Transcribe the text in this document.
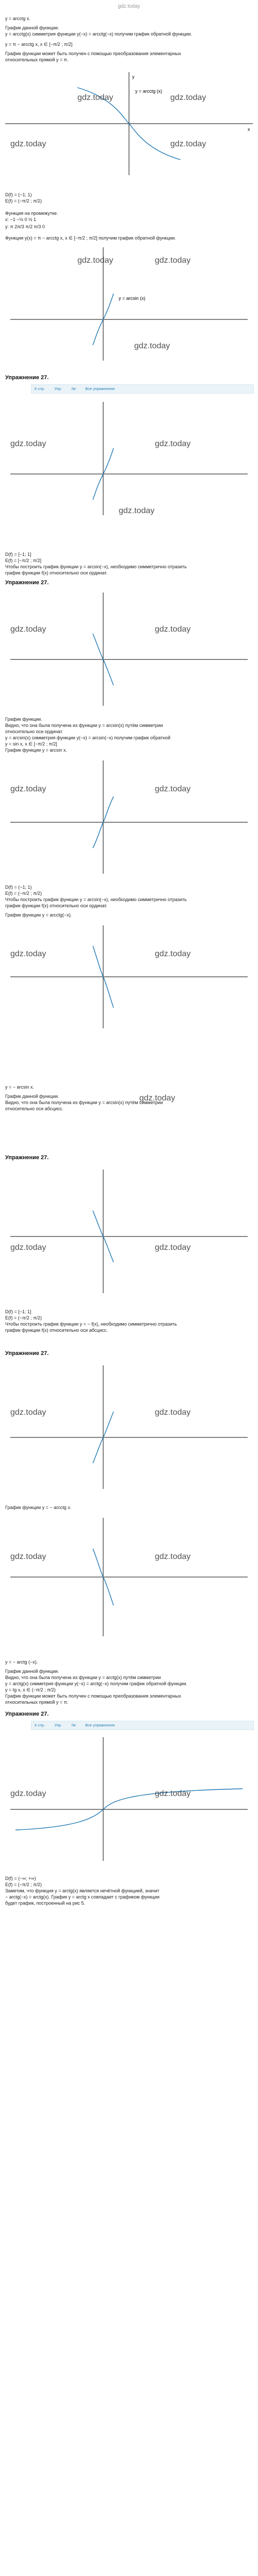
gdz.today
y = arcctg x.
График данной функции.
y = arcctg(x) симметрия функции y(−x) = arcctg(−x) получим график обратной функции.
y = π − arcctg x, x ∈ [−π/2 ; π/2]
График функции может быть получен с помощью преобразования элементарных
относительных прямой y = π.
y
x
y = arcctg (x)
gdz.today	gdz.today
gdz.today	gdz.today
D(f) = (−1; 1)
E(f) = (−π/2 ; π/2)
Функция на промежутке.
x: −1 −½ 0 ½ 1
y: π 2π/3 π/2 π/3 0
Функция y(x) = π − arcctg x, x ∈ [−π/2 ; π/2] получим график обратной функции.
y = arcsin (x)
gdz.today	gdz.today
gdz.today
Упражнение 27.
К стр. Упр. № Все упражнения
gdz.today	gdz.today
gdz.today
D(f) = [−1; 1]
E(f) = [−π/2 ; π/2]
Чтобы построить график функции y = arcsin(−x), необходимо симметрично отразить
график функции f(x) относительно оси ординат.
Упражнение 27.
gdz.today	gdz.today
График функции.
Видно, что она была получена из функции y = arcsin(x) путём симметрии
относительно оси ординат.
y = arcsin(x) симметрия функции y(−x) = arcsin(−x) получим график обратной
y = sin x, x ∈ [−π/2 ; π/2]
График функции y = arcsin x.
gdz.today	gdz.today
D(f) = (−1; 1)
E(f) = (−π/2 ; π/2)
Чтобы построить график функции y = arcsin(−x), необходимо симметрично отразить
график функции f(x) относительно оси ординат.
График функции y = arcctg(−x).
gdz.today	gdz.today
y = − arcsin x.
График данной функции.
Видно, что она была получена из функции y = arcsin(x) путём симметрии
относительно оси абсцисс.
gdz.today
Упражнение 27.
gdz.today	gdz.today
D(f) = [−1; 1]
E(f) = (−π/2 ; π/2)
Чтобы построить график функции y = − f(x), необходимо симметрично отразить
график функции f(x) относительно оси абсцисс.
Упражнение 27.
gdz.today	gdz.today
График функции y = − arcctg x.
gdz.today	gdz.today
y = − arctg (−x).
График данной функции.
Видно, что она была получена из функции y = arctg(x) путём симметрии
y = arctg(x) симметрия функции y(−x) = arctg(−x) получим график обратной функции.
y = tg x, x ∈ (−π/2 ; π/2)
График функции может быть получен с помощью преобразования элементарных
относительных прямой y = π.
Упражнение 27.
К стр. Упр. № Все упражнения
gdz.today	gdz.today
D(f) = (−∞; +∞)
E(f) = (−π/2 ; π/2)
Заметим, что функция y = arctg(x) является нечётной функцией, значит
− arctg(−x) = arctg(x). График y = arctg x совпадает с графиком функции
будет график, построенный на рис 5.
